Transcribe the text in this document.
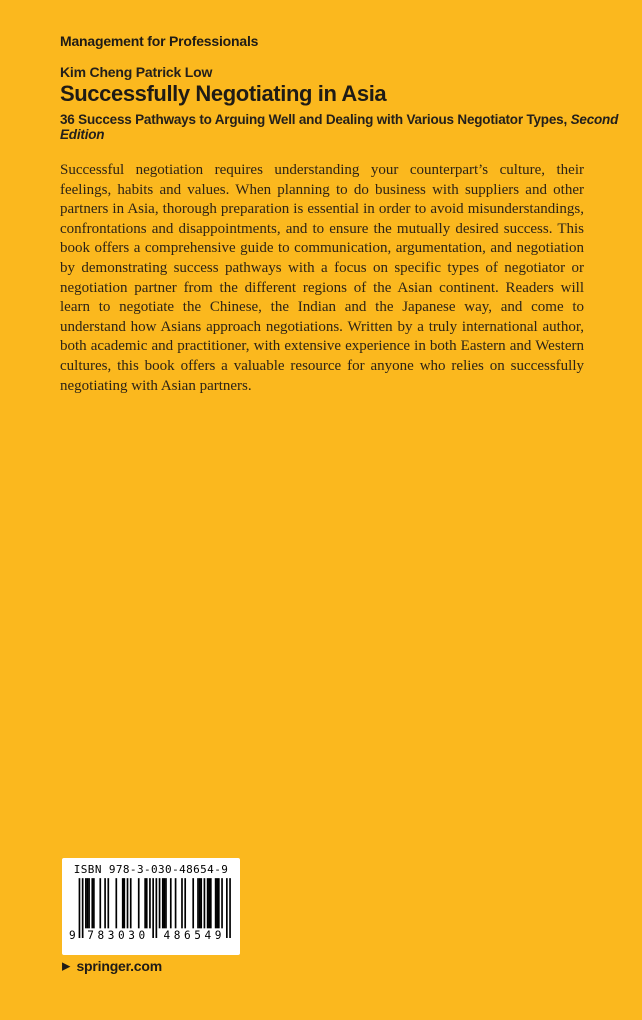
Management for Professionals
Kim Cheng Patrick Low
Successfully Negotiating in Asia
36 Success Pathways to Arguing Well and Dealing with Various Negotiator Types, Second Edition
Successful negotiation requires understanding your counterpart’s culture, their feelings, habits and values. When planning to do business with suppliers and other partners in Asia, thorough preparation is essential in order to avoid misunderstandings, confrontations and disappointments, and to ensure the mutually desired success. This book offers a comprehensive guide to communication, argumentation, and negotiation by demonstrating success pathways with a focus on specific types of negotiator or negotiation partner from the different regions of the Asian continent. Readers will learn to negotiate the Chinese, the Indian and the Japanese way, and come to understand how Asians approach negotiations. Written by a truly international author, both academic and practitioner, with extensive experience in both Eastern and Western cultures, this book offers a valuable resource for anyone who relies on successfully negotiating with Asian partners.
ISBN 978-3-030-48654-9
9 783030 486549
▶ springer.com
